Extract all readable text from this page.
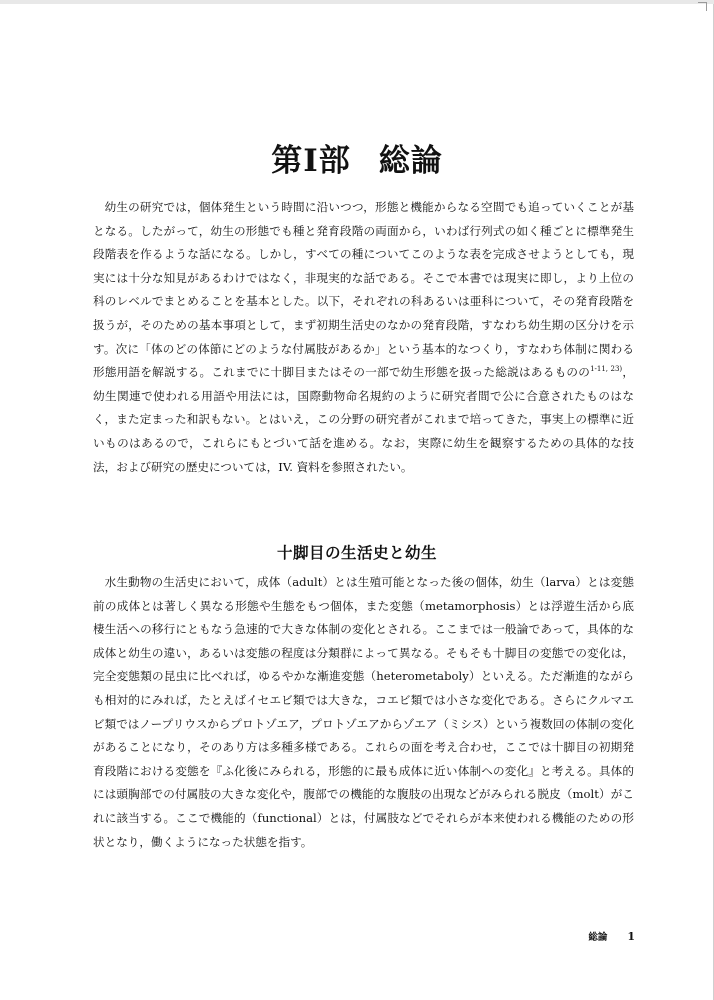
第Ⅰ部 総論

幼生の研究では，個体発生という時間に沿いつつ，形態と機能からなる空間でも追っていくことが基となる。したがって，幼生の形態でも種と発育段階の両面から，いわば行列式の如く種ごとに標準発生段階表を作るような話になる。しかし，すべての種についてこのような表を完成させようとしても，現実には十分な知見があるわけではなく，非現実的な話である。そこで本書では現実に即し，より上位の科のレベルでまとめることを基本とした。以下，それぞれの科あるいは亜科について，その発育段階を扱うが，そのための基本事項として，まず初期生活史のなかの発育段階，すなわち幼生期の区分けを示す。次に「体のどの体節にどのような付属肢があるか」という基本的なつくり，すなわち体制に関わる形態用語を解説する。これまでに十脚目またはその一部で幼生形態を扱った総説はあるものの$^{1-11, 23)}$，幼生関連で使われる用語や用法には，国際動物命名規約のように研究者間で公に合意されたものはなく，また定まった和訳もない。とはいえ，この分野の研究者がこれまで培ってきた，事実上の標準に近いものはあるので，これらにもとづいて話を進める。なお，実際に幼生を観察するための具体的な技法，および研究の歴史については，IV. 資料を参照されたい。

十脚目の生活史と幼生

水生動物の生活史において，成体（adult）とは生殖可能となった後の個体，幼生（larva）とは変態前の成体とは著しく異なる形態や生態をもつ個体，また変態（metamorphosis）とは浮遊生活から底棲生活への移行にともなう急速的で大きな体制の変化とされる。ここまでは一般論であって，具体的な成体と幼生の違い，あるいは変態の程度は分類群によって異なる。そもそも十脚目の変態での変化は，完全変態類の昆虫に比べれば，ゆるやかな漸進変態（heterometaboly）といえる。ただ漸進的ながらも相対的にみれば，たとえばイセエビ類では大きな，コエビ類では小さな変化である。さらにクルマエビ類ではノープリウスからプロトゾエア，プロトゾエアからゾエア（ミシス）という複数回の体制の変化があることになり，そのあり方は多種多様である。これらの面を考え合わせ，ここでは十脚目の初期発育段階における変態を『ふ化後にみられる，形態的に最も成体に近い体制への変化』と考える。具体的には頭胸部での付属肢の大きな変化や，腹部での機能的な腹肢の出現などがみられる脱皮（molt）がこれに該当する。ここで機能的（functional）とは，付属肢などでそれらが本来使われる機能のための形状となり，働くようになった状態を指す。

総論 1
